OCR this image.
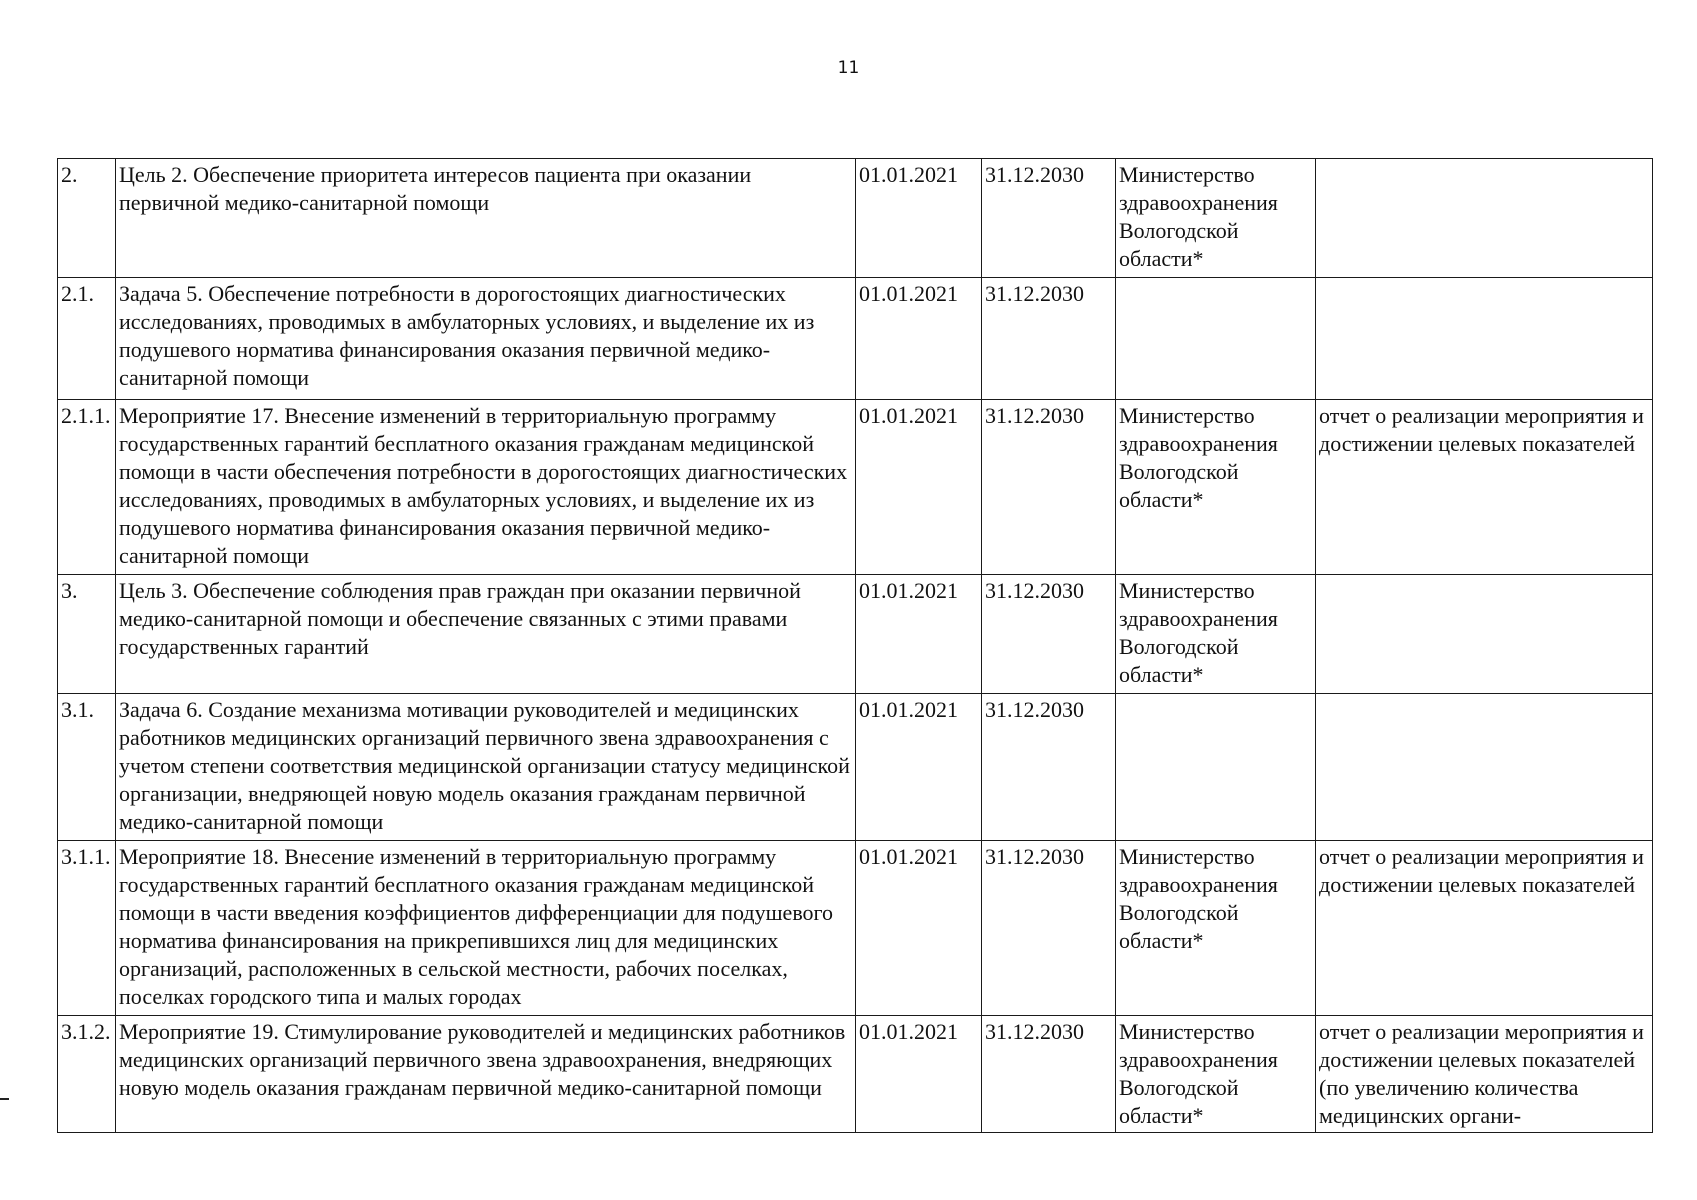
11
2.	Цель 2. Обеспечение приоритета интересов пациента при оказании первичной медико-санитарной помощи	01.01.2021	31.12.2030	Министерство здравоохранения Вологодской области*	
2.1.	Задача 5. Обеспечение потребности в дорогостоящих диагностических исследованиях, проводимых в амбулаторных условиях, и выделение их из подушевого норматива финансирования оказания первичной медико-санитарной помощи	01.01.2021	31.12.2030		
2.1.1.	Мероприятие 17. Внесение изменений в территориальную программу государственных гарантий бесплатного оказания гражданам медицинской помощи в части обеспечения потребности в дорогостоящих диагностических исследованиях, проводимых в амбулаторных условиях, и выделение их из подушевого норматива финансирования оказания первичной медико-санитарной помощи	01.01.2021	31.12.2030	Министерство здравоохранения Вологодской области*	отчет о реализации мероприятия и достижении целевых показателей
3.	Цель 3. Обеспечение соблюдения прав граждан при оказании первичной медико-санитарной помощи и обеспечение связанных с этими правами государственных гарантий	01.01.2021	31.12.2030	Министерство здравоохранения Вологодской области*	
3.1.	Задача 6. Создание механизма мотивации руководителей и медицинских работников медицинских организаций первичного звена здравоохранения с учетом степени соответствия медицинской организации статусу медицинской организации, внедряющей новую модель оказания гражданам первичной медико-санитарной помощи	01.01.2021	31.12.2030		
3.1.1.	Мероприятие 18. Внесение изменений в территориальную программу государственных гарантий бесплатного оказания гражданам медицинской помощи в части введения коэффициентов дифференциации для подушевого норматива финансирования на прикрепившихся лиц для медицинских организаций, расположенных в сельской местности, рабочих поселках, поселках городского типа и малых городах	01.01.2021	31.12.2030	Министерство здравоохранения Вологодской области*	отчет о реализации мероприятия и достижении целевых показателей
3.1.2.	Мероприятие 19. Стимулирование руководителей и медицинских работников медицинских организаций первичного звена здравоохранения, внедряющих новую модель оказания гражданам первичной медико-санитарной помощи	01.01.2021	31.12.2030	Министерство здравоохранения Вологодской области*	отчет о реализации мероприятия и достижении целевых показателей (по увеличению количества медицинских органи-
